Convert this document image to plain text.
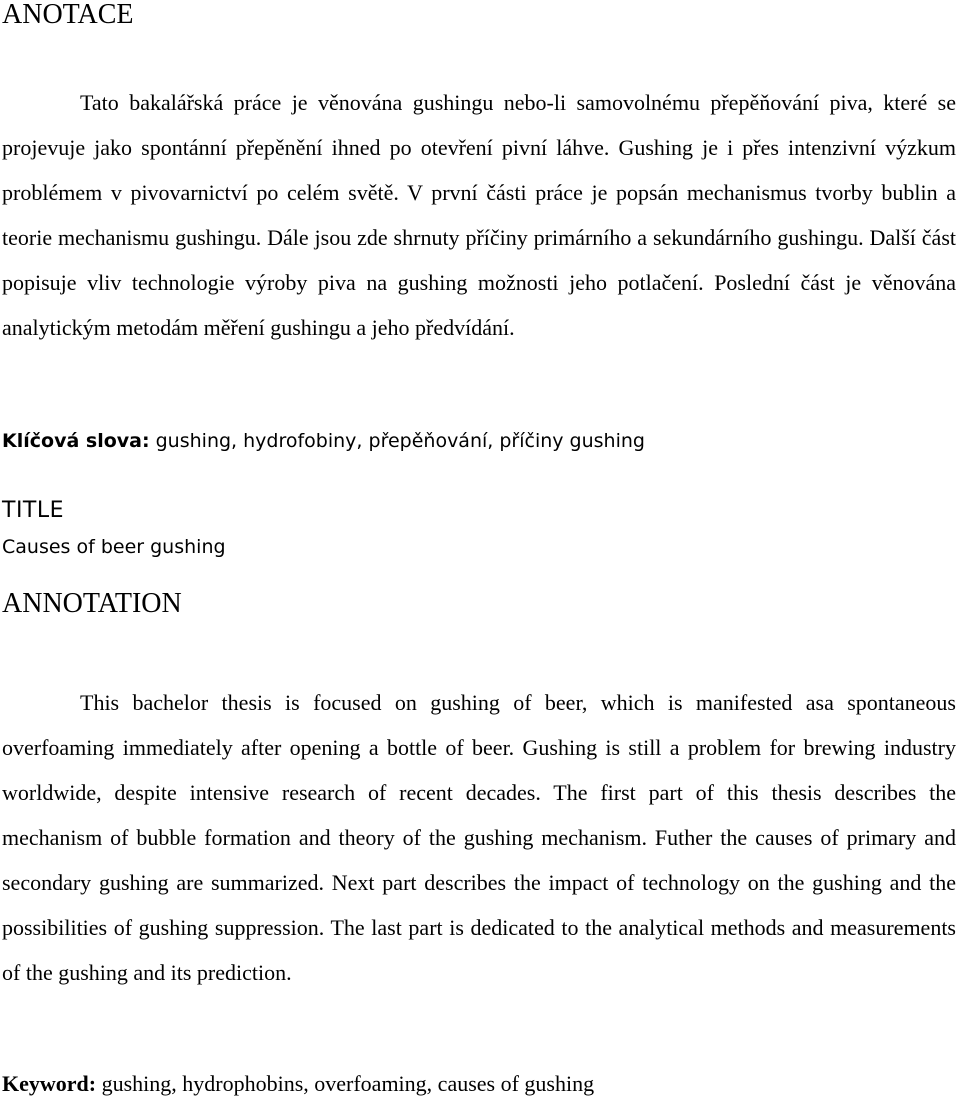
ANOTACE

Tato bakalářská práce je věnována gushingu nebo-li samovolnému přepěňování piva, které se projevuje jako spontánní přepěnění ihned po otevření pivní láhve. Gushing je i přes intenzivní výzkum problémem v pivovarnictví po celém světě. V první části práce je popsán mechanismus tvorby bublin a teorie mechanismu gushingu. Dále jsou zde shrnuty příčiny primárního a sekundárního gushingu. Další část popisuje vliv technologie výroby piva na gushing možnosti jeho potlačení. Poslední část je věnována analytickým metodám měření gushingu a jeho předvídání.

Klíčová slova: gushing, hydrofobiny, přepěňování, příčiny gushing

TITLE

Causes of beer gushing

ANNOTATION

This bachelor thesis is focused on gushing of beer, which is manifested asa spontaneous overfoaming immediately after opening a bottle of beer. Gushing is still a problem for brewing industry worldwide, despite intensive research of recent decades. The first part of this thesis describes the mechanism of bubble formation and theory of the gushing mechanism. Futher the causes of primary and secondary gushing are summarized. Next part describes the impact of technology on the gushing and the possibilities of gushing suppression. The last part is dedicated to the analytical methods and measurements of the gushing and its prediction.

Keyword: gushing, hydrophobins, overfoaming, causes of gushing
